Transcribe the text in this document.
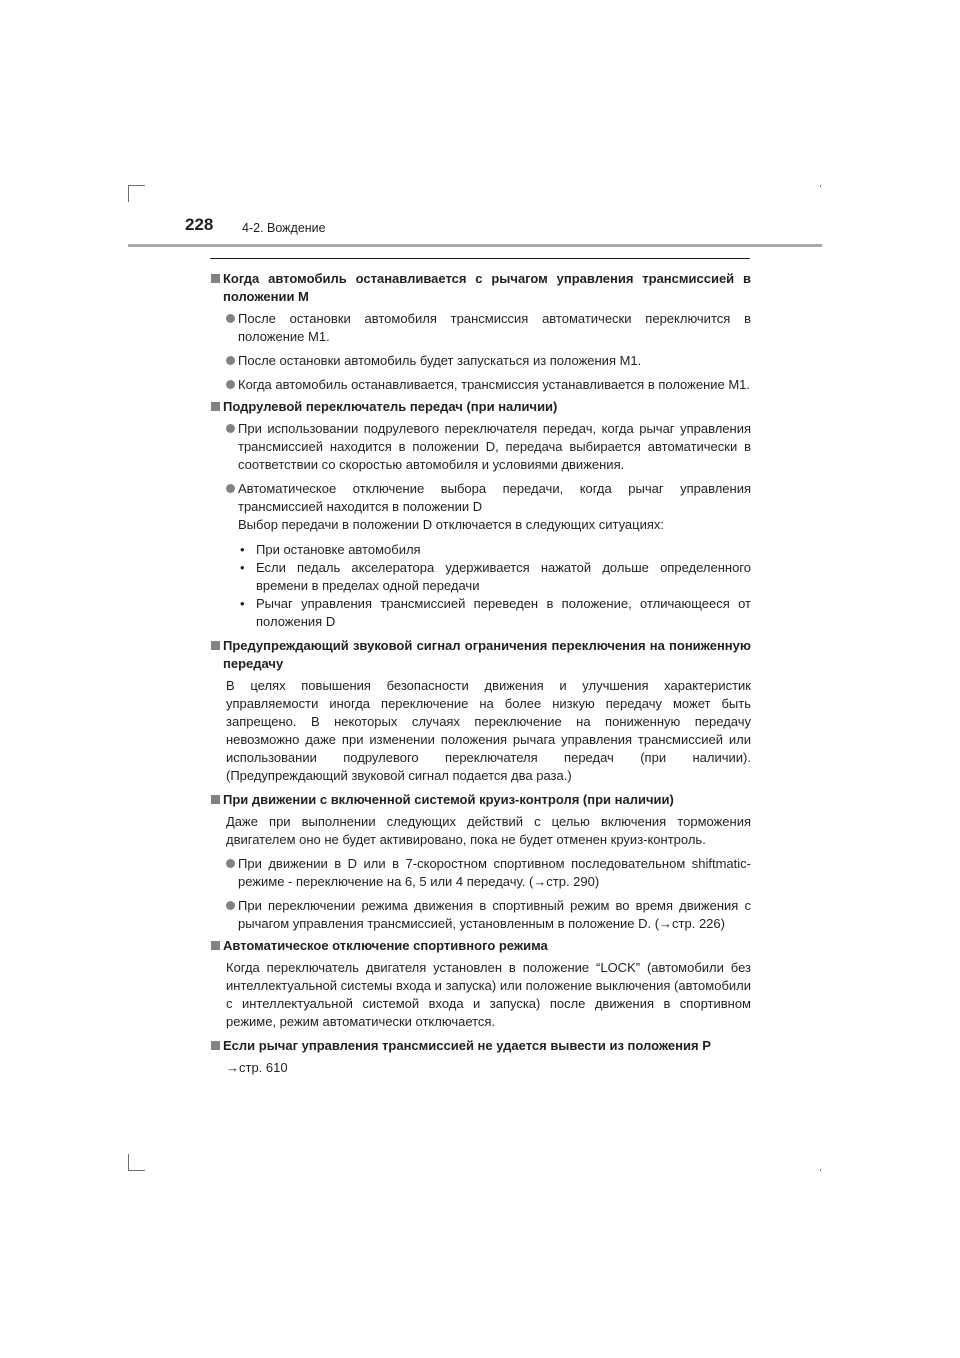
228 4-2. Вождение
Когда автомобиль останавливается с рычагом управления трансмиссией в положении M
После остановки автомобиля трансмиссия автоматически переключится в положение M1.
После остановки автомобиль будет запускаться из положения M1.
Когда автомобиль останавливается, трансмиссия устанавливается в положение M1.
Подрулевой переключатель передач (при наличии)
При использовании подрулевого переключателя передач, когда рычаг управления трансмиссией находится в положении D, передача выбирается автоматически в соответствии со скоростью автомобиля и условиями движения.
Автоматическое отключение выбора передачи, когда рычаг управления трансмиссией находится в положении D
Выбор передачи в положении D отключается в следующих ситуациях:
• При остановке автомобиля
• Если педаль акселератора удерживается нажатой дольше определенного времени в пределах одной передачи
• Рычаг управления трансмиссией переведен в положение, отличающееся от положения D
Предупреждающий звуковой сигнал ограничения переключения на пониженную передачу
В целях повышения безопасности движения и улучшения характеристик управляемости иногда переключение на более низкую передачу может быть запрещено. В некоторых случаях переключение на пониженную передачу невозможно даже при изменении положения рычага управления трансмиссией или использовании подрулевого переключателя передач (при наличии). (Предупреждающий звуковой сигнал подается два раза.)
При движении с включенной системой круиз-контроля (при наличии)
Даже при выполнении следующих действий с целью включения торможения двигателем оно не будет активировано, пока не будет отменен круиз-контроль.
При движении в D или в 7-скоростном спортивном последовательном shiftmatic-режиме - переключение на 6, 5 или 4 передачу. (→стр. 290)
При переключении режима движения в спортивный режим во время движения с рычагом управления трансмиссией, установленным в положение D. (→стр. 226)
Автоматическое отключение спортивного режима
Когда переключатель двигателя установлен в положение “LOCK” (автомобили без интеллектуальной системы входа и запуска) или положение выключения (автомобили с интеллектуальной системой входа и запуска) после движения в спортивном режиме, режим автоматически отключается.
Если рычаг управления трансмиссией не удается вывести из положения P
→стр. 610
